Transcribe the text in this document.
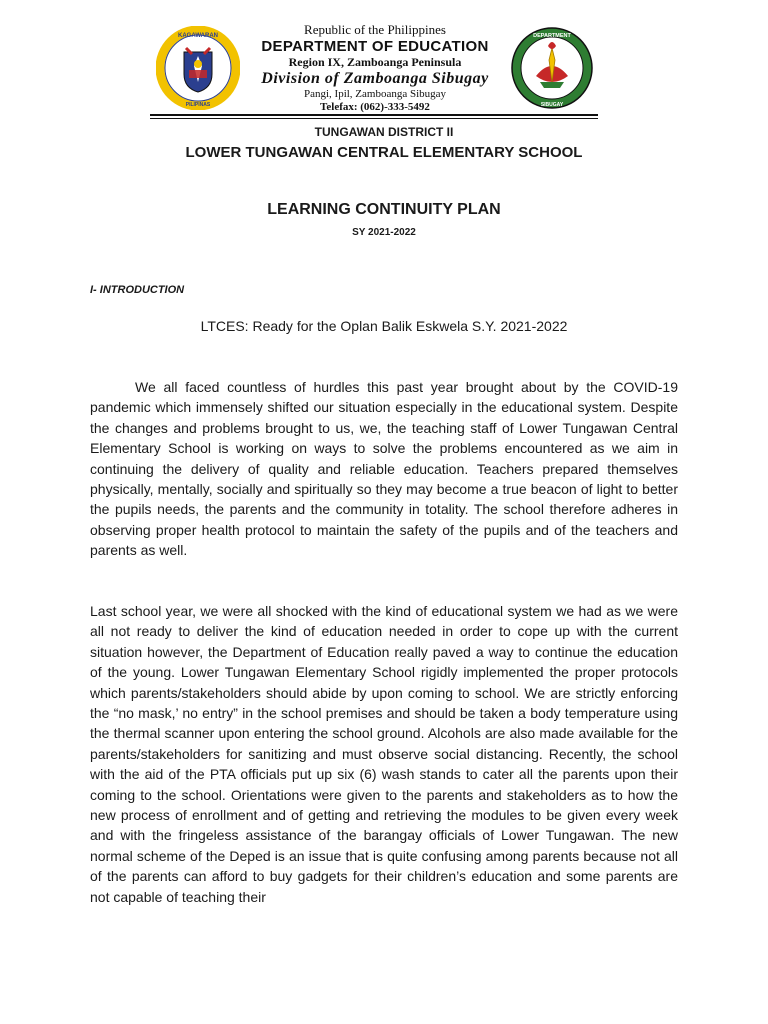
KAGAWARAN
PILIPINAS
Republic of the Philippines
DEPARTMENT OF EDUCATION
Region IX, Zamboanga Peninsula
Division of Zamboanga Sibugay
Pangi, Ipil, Zamboanga Sibugay
Telefax: (062)-333-5492
DEPARTMENT
SIBUGAY
TUNGAWAN DISTRICT II
LOWER TUNGAWAN CENTRAL ELEMENTARY SCHOOL
LEARNING CONTINUITY PLAN
SY 2021-2022
I- INTRODUCTION
LTCES: Ready for the Oplan Balik Eskwela S.Y. 2021-2022

We all faced countless of hurdles this past year brought about by the COVID-19 pandemic which immensely shifted our situation especially in the educational system. Despite the changes and problems brought to us, we, the teaching staff of Lower Tungawan Central Elementary School is working on ways to solve the problems encountered as we aim in continuing the delivery of quality and reliable education. Teachers prepared themselves physically, mentally, socially and spiritually so they may become a true beacon of light to better the pupils needs, the parents and the community in totality. The school therefore adheres in observing proper health protocol to maintain the safety of the pupils and of the teachers and parents as well.

Last school year, we were all shocked with the kind of educational system we had as we were all not ready to deliver the kind of education needed in order to cope up with the current situation however, the Department of Education really paved a way to continue the education of the young. Lower Tungawan Elementary School rigidly implemented the proper protocols which parents/stakeholders should abide by upon coming to school. We are strictly enforcing the “no mask,’ no entry” in the school premises and should be taken a body temperature using the thermal scanner upon entering the school ground. Alcohols are also made available for the parents/stakeholders for sanitizing and must observe social distancing. Recently, the school with the aid of the PTA officials put up six (6) wash stands to cater all the parents upon their coming to the school. Orientations were given to the parents and stakeholders as to how the new process of enrollment and of getting and retrieving the modules to be given every week and with the fringeless assistance of the barangay officials of Lower Tungawan. The new normal scheme of the Deped is an issue that is quite confusing among parents because not all of the parents can afford to buy gadgets for their children’s education and some parents are not capable of teaching their
